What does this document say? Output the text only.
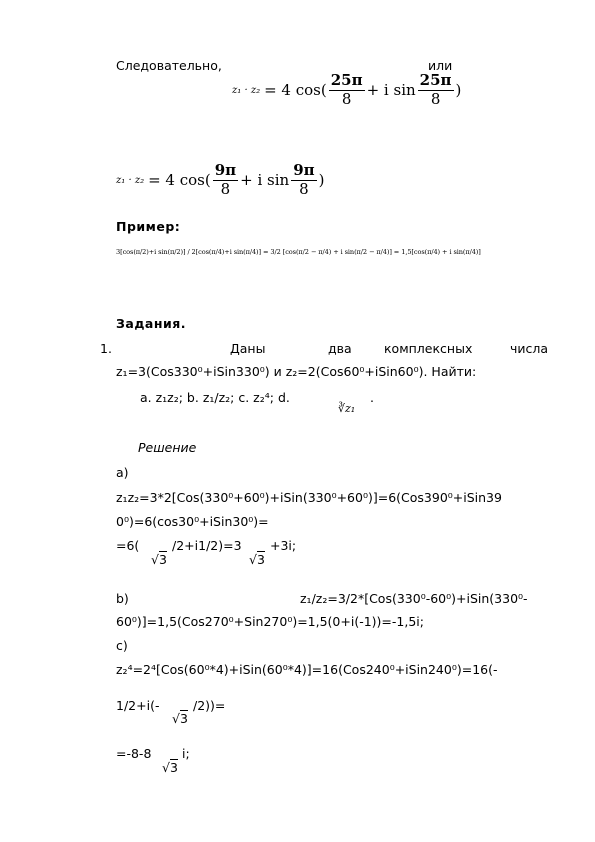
Следовательно,	или
z₁ · z₂ = 4 $\cos( \frac{25\pi}{8} + i$ $\sin \frac{25\pi}{8}$ )
z₁ · z₂ = 4 $\cos( \frac{9\pi}{8} + i$ $\sin \frac{9\pi}{8}$ )
Пример:
3[cos(π/2)+i sin(π/2)] / 2[cos(π/4)+i sin(π/4)] = 3/2 [cos(π/2 − π/4) + i sin(π/2 − π/4)] = 1,5[cos(π/4) + i sin(π/4)]
Задания.
1.	Даны	два	комплексных	числа
z₁=3(Cos330⁰+iSin330⁰) и z₂=2(Cos60⁰+iSin60⁰). Найти:
a. z₁z₂; b. z₁/z₂; c. z₂⁴; d.
∛z₁
.
Решение
а)
z₁z₂=3*2[Cos(330⁰+60⁰)+iSin(330⁰+60⁰)]=6(Cos390⁰+iSin39
0⁰)=6(cos30⁰+iSin30⁰)=
=6(
√3
/2+i1/2)=3
√3
+3i;
b)	z₁/z₂=3/2*[Cos(330⁰-60⁰)+iSin(330⁰-
60⁰)]=1,5(Cos270⁰+Sin270⁰)=1,5(0+i(-1))=-1,5i;
c)
z₂⁴=2⁴[Cos(60⁰*4)+iSin(60⁰*4)]=16(Cos240⁰+iSin240⁰)=16(-
1/2+i(-
√3
/2))=
=-8-8
√3
i;
